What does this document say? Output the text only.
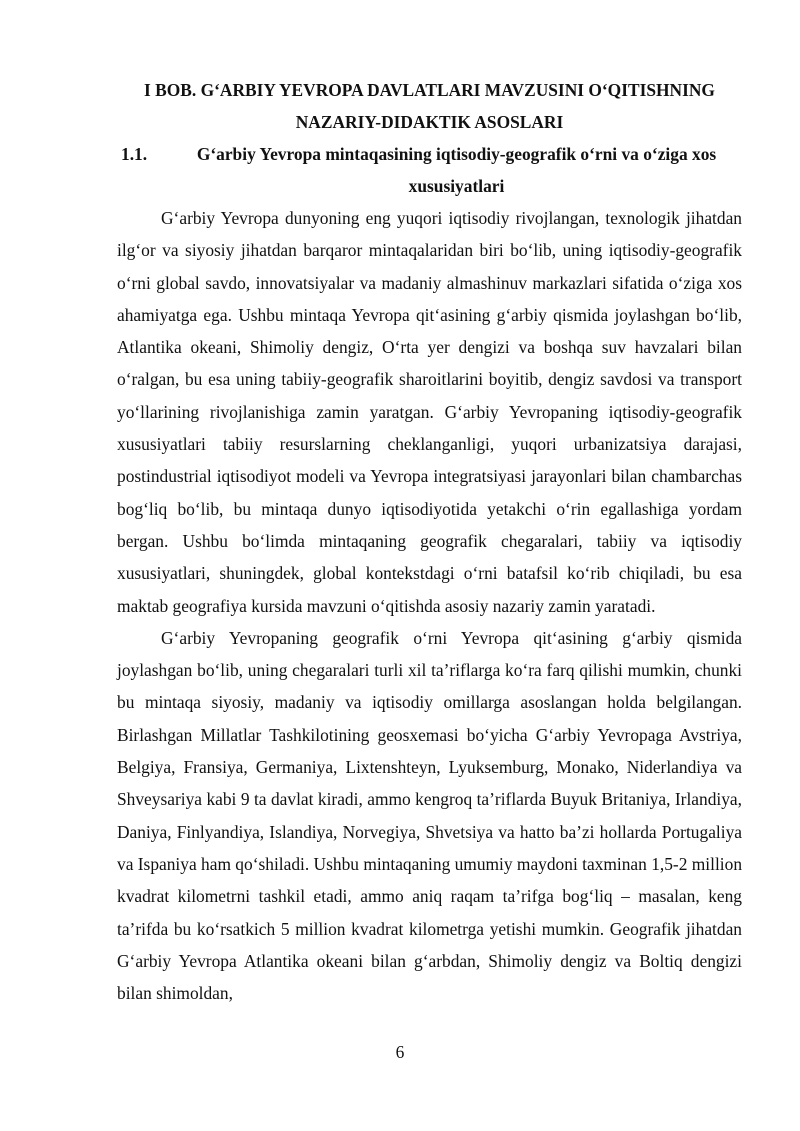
I BOB. G‘ARBIY YEVROPA DAVLATLARI MAVZUSINI O‘QITISHNING NAZARIY-DIDAKTIK ASOSLARI
1.1.	G‘arbiy Yevropa mintaqasining iqtisodiy-geografik o‘rni va o‘ziga xos xususiyatlari

G‘arbiy Yevropa dunyoning eng yuqori iqtisodiy rivojlangan, texnologik jihatdan ilg‘or va siyosiy jihatdan barqaror mintaqalaridan biri bo‘lib, uning iqtisodiy-geografik o‘rni global savdo, innovatsiyalar va madaniy almashinuv markazlari sifatida o‘ziga xos ahamiyatga ega. Ushbu mintaqa Yevropa qit‘asining g‘arbiy qismida joylashgan bo‘lib, Atlantika okeani, Shimoliy dengiz, O‘rta yer dengizi va boshqa suv havzalari bilan o‘ralgan, bu esa uning tabiiy-geografik sharoitlarini boyitib, dengiz savdosi va transport yo‘llarining rivojlanishiga zamin yaratgan. G‘arbiy Yevropaning iqtisodiy-geografik xususiyatlari tabiiy resurslarning cheklanganligi, yuqori urbanizatsiya darajasi, postindustrial iqtisodiyot modeli va Yevropa integratsiyasi jarayonlari bilan chambarchas bog‘liq bo‘lib, bu mintaqa dunyo iqtisodiyotida yetakchi o‘rin egallashiga yordam bergan. Ushbu bo‘limda mintaqaning geografik chegaralari, tabiiy va iqtisodiy xususiyatlari, shuningdek, global kontekstdagi o‘rni batafsil ko‘rib chiqiladi, bu esa maktab geografiya kursida mavzuni o‘qitishda asosiy nazariy zamin yaratadi.

G‘arbiy Yevropaning geografik o‘rni Yevropa qit‘asining g‘arbiy qismida joylashgan bo‘lib, uning chegaralari turli xil ta’riflarga ko‘ra farq qilishi mumkin, chunki bu mintaqa siyosiy, madaniy va iqtisodiy omillarga asoslangan holda belgilangan. Birlashgan Millatlar Tashkilotining geosxemasi bo‘yicha G‘arbiy Yevropaga Avstriya, Belgiya, Fransiya, Germaniya, Lixtenshteyn, Lyuksemburg, Monako, Niderlandiya va Shveysariya kabi 9 ta davlat kiradi, ammo kengroq ta’riflarda Buyuk Britaniya, Irlandiya, Daniya, Finlyandiya, Islandiya, Norvegiya, Shvetsiya va hatto ba’zi hollarda Portugaliya va Ispaniya ham qo‘shiladi. Ushbu mintaqaning umumiy maydoni taxminan 1,5-2 million kvadrat kilometrni tashkil etadi, ammo aniq raqam ta’rifga bog‘liq – masalan, keng ta’rifda bu ko‘rsatkich 5 million kvadrat kilometrga yetishi mumkin. Geografik jihatdan G‘arbiy Yevropa Atlantika okeani bilan g‘arbdan, Shimoliy dengiz va Boltiq dengizi bilan shimoldan,

6
